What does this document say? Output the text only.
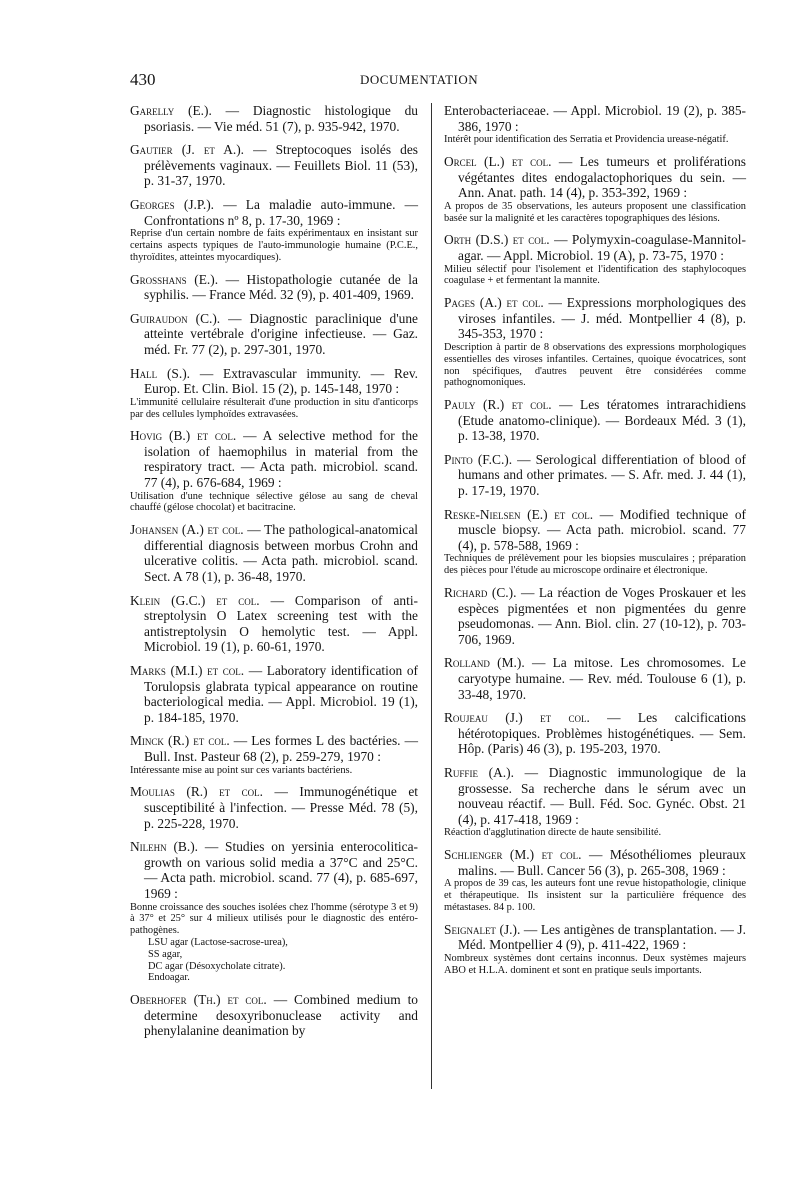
430	DOCUMENTATION
Garelly (E.). — Diagnostic histologique du psoriasis. — Vie méd. 51 (7), p. 935-942, 1970.
Gautier (J. et A.). — Streptocoques isolés des prélèvements vaginaux. — Feuillets Biol. 11 (53), p. 31-37, 1970.
Georges (J.P.). — La maladie auto-immune. — Confrontations nº 8, p. 17-30, 1969 :
Reprise d'un certain nombre de faits expérimentaux en insistant sur certains aspects typiques de l'auto-immunologie humaine (P.C.E., thyroïdites, atteintes myocardiques).
Grosshans (E.). — Histopathologie cutanée de la syphilis. — France Méd. 32 (9), p. 401-409, 1969.
Guiraudon (C.). — Diagnostic paraclinique d'une atteinte vertébrale d'origine infectieuse. — Gaz. méd. Fr. 77 (2), p. 297-301, 1970.
Hall (S.). — Extravascular immunity. — Rev. Europ. Et. Clin. Biol. 15 (2), p. 145-148, 1970 :
L'immunité cellulaire résulterait d'une production in situ d'anticorps par des cellules lymphoïdes extravasées.
Hovig (B.) et col. — A selective method for the isolation of haemophilus in material from the respiratory tract. — Acta path. microbiol. scand. 77 (4), p. 676-684, 1969 :
Utilisation d'une technique sélective gélose au sang de cheval chauffé (gélose chocolat) et bacitracine.
Johansen (A.) et col. — The pathological-anatomical differential diagnosis between morbus Crohn and ulcerative colitis. — Acta path. microbiol. scand. Sect. A 78 (1), p. 36-48, 1970.
Klein (G.C.) et col. — Comparison of anti-streptolysin O Latex screening test with the antistreptolysin O hemolytic test. — Appl. Microbiol. 19 (1), p. 60-61, 1970.
Marks (M.I.) et col. — Laboratory identification of Torulopsis glabrata typical appearance on routine bacteriological media. — Appl. Microbiol. 19 (1), p. 184-185, 1970.
Minck (R.) et col. — Les formes L des bactéries. — Bull. Inst. Pasteur 68 (2), p. 259-279, 1970 :
Intéressante mise au point sur ces variants bactériens.
Moulias (R.) et col. — Immunogénétique et susceptibilité à l'infection. — Presse Méd. 78 (5), p. 225-228, 1970.
Nilehn (B.). — Studies on yersinia enterocolitica-growth on various solid media a 37°C and 25°C. — Acta path. microbiol. scand. 77 (4), p. 685-697, 1969 :
Bonne croissance des souches isolées chez l'homme (sérotype 3 et 9) à 37° et 25° sur 4 milieux utilisés pour le diagnostic des entéro-pathogènes.
LSU agar (Lactose-sacrose-urea),
SS agar,
DC agar (Désoxycholate citrate).
Endoagar.
Oberhofer (Th.) et col. — Combined medium to determine desoxyribonuclease activity and phenylalanine deanimation by
Enterobacteriaceae. — Appl. Microbiol. 19 (2), p. 385-386, 1970 :
Intérêt pour identification des Serratia et Providencia urease-négatif.
Orcel (L.) et col. — Les tumeurs et proliférations végétantes dites endogalactophoriques du sein. — Ann. Anat. path. 14 (4), p. 353-392, 1969 :
A propos de 35 observations, les auteurs proposent une classification basée sur la malignité et les caractères topographiques des lésions.
Orth (D.S.) et col. — Polymyxin-coagulase-Mannitol-agar. — Appl. Microbiol. 19 (A), p. 73-75, 1970 :
Milieu sélectif pour l'isolement et l'identification des staphylocoques coagulase + et fermentant la mannite.
Pages (A.) et col. — Expressions morphologiques des viroses infantiles. — J. méd. Montpellier 4 (8), p. 345-353, 1970 :
Description à partir de 8 observations des expressions morphologiques essentielles des viroses infantiles. Certaines, quoique évocatrices, sont non spécifiques, d'autres peuvent être considérées comme pathognomoniques.
Pauly (R.) et col. — Les tératomes intrarachidiens (Etude anatomo-clinique). — Bordeaux Méd. 3 (1), p. 13-38, 1970.
Pinto (F.C.). — Serological differentiation of blood of humans and other primates. — S. Afr. med. J. 44 (1), p. 17-19, 1970.
Reske-Nielsen (E.) et col. — Modified technique of muscle biopsy. — Acta path. microbiol. scand. 77 (4), p. 578-588, 1969 :
Techniques de prélèvement pour les biopsies musculaires ; préparation des pièces pour l'étude au microscope ordinaire et électronique.
Richard (C.). — La réaction de Voges Proskauer et les espèces pigmentées et non pigmentées du genre pseudomonas. — Ann. Biol. clin. 27 (10-12), p. 703-706, 1969.
Rolland (M.). — La mitose. Les chromosomes. Le caryotype humaine. — Rev. méd. Toulouse 6 (1), p. 33-48, 1970.
Roujeau (J.) et col. — Les calcifications hétérotopiques. Problèmes histogénétiques. — Sem. Hôp. (Paris) 46 (3), p. 195-203, 1970.
Ruffie (A.). — Diagnostic immunologique de la grossesse. Sa recherche dans le sérum avec un nouveau réactif. — Bull. Féd. Soc. Gynéc. Obst. 21 (4), p. 417-418, 1969 :
Réaction d'agglutination directe de haute sensibilité.
Schlienger (M.) et col. — Mésothéliomes pleuraux malins. — Bull. Cancer 56 (3), p. 265-308, 1969 :
A propos de 39 cas, les auteurs font une revue histopathologie, clinique et thérapeutique. Ils insistent sur la particulière fréquence des métastases. 84 p. 100.
Seignalet (J.). — Les antigènes de transplantation. — J. Méd. Montpellier 4 (9), p. 411-422, 1969 :
Nombreux systèmes dont certains inconnus. Deux systèmes majeurs ABO et H.L.A. dominent et sont en pratique seuls importants.
